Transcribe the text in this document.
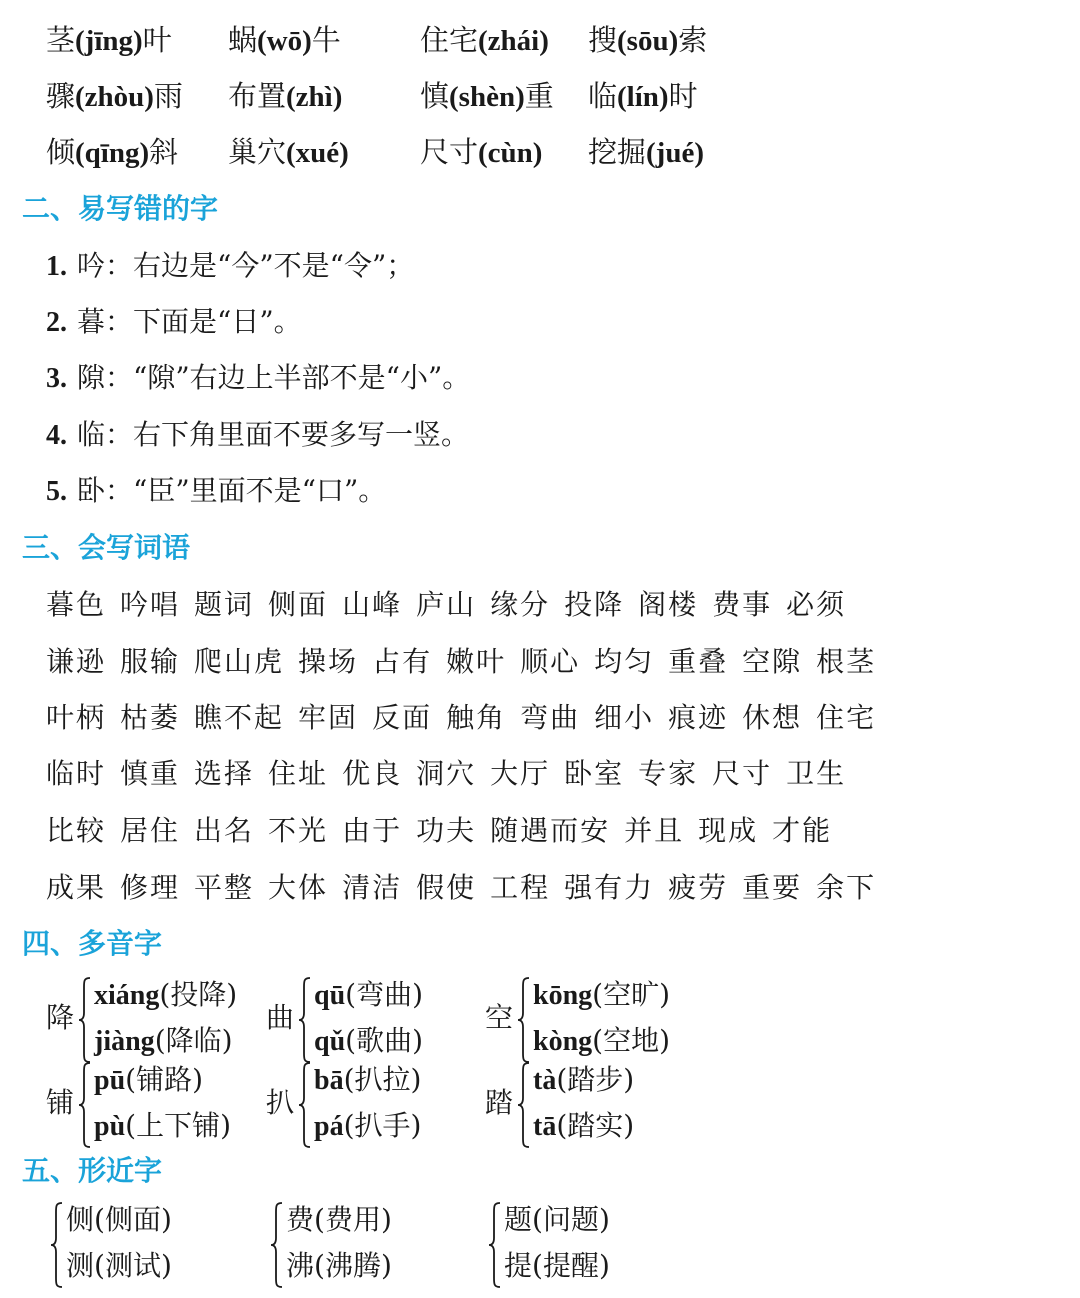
茎(jīng)叶 蜗(wō)牛	住宅(zhái) 搜(sōu)索
骤(zhòu)雨 布置(zhì)	慎(shèn)重 临(lín)时
倾(qīng)斜 巢穴(xué) 尺寸(cùn) 挖掘(jué)
二、易写错的字
1. 吟：右边是“今”不是“令”；
2. 暮：下面是“日”。
3. 隙：“隙”右边上半部不是“小”。
4. 临：右下角里面不要多写一竖。
5. 卧：“臣”里面不是“口”。
三、会写词语
暮色 吟唱 题词 侧面 山峰 庐山 缘分 投降 阁楼 费事 必须
谦逊 服输 爬山虎 操场 占有 嫩叶 顺心 均匀 重叠 空隙 根茎
叶柄 枯萎 瞧不起 牢固 反面 触角 弯曲 细小 痕迹 休想 住宅
临时 慎重 选择 住址 优良 洞穴 大厅 卧室 专家 尺寸 卫生
比较 居住 出名 不光 由于 功夫 随遇而安 并且 现成 才能
成果 修理 平整 大体 清洁 假使 工程 强有力 疲劳 重要 余下
四、多音字
降
xiáng(投降)
jiàng(降临)
曲
qū(弯曲)
qǔ(歌曲)
空
kōng(空旷)
kòng(空地)
铺
pū(铺路)
pù(上下铺)
扒
bā(扒拉)
pá(扒手)
踏
tà(踏步)
tā(踏实)
五、形近字
侧(侧面)
测(测试)
费(费用)
沸(沸腾)
题(问题)
提(提醒)
